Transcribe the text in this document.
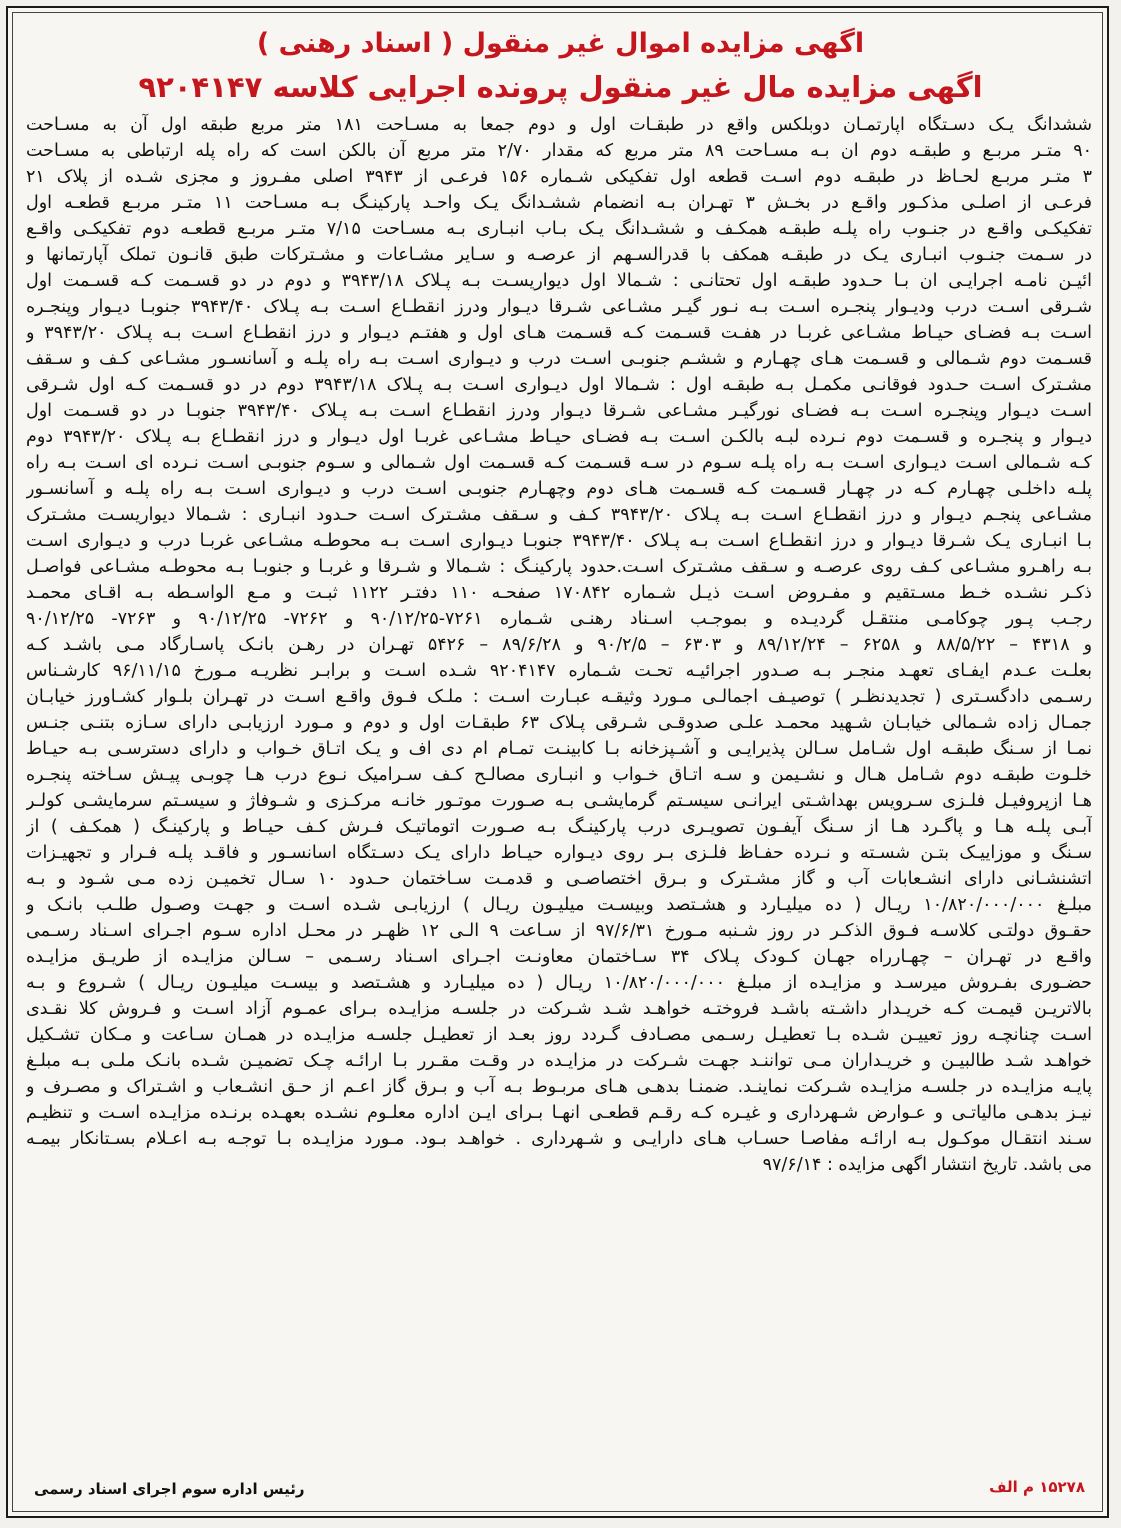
اگهی مزایده اموال غیر منقول ( اسناد رهنی )
اگهی مزایده مال غیر منقول پرونده اجرایی کلاسه ۹۲۰۴۱۴۷
ششدانگ یـک دسـتگاه اپارتمـان دوبلکس واقع در طبقـات اول و دوم جمعا به مسـاحت ۱۸۱ متر مربع طبقه اول آن به مسـاحت
۹۰ متـر مربـع و طبقـه دوم ان بـه مسـاحت ۸۹ متر مربع که مقدار ۲/۷۰ متر مربع آن بالکن است که راه پله ارتباطی به مسـاحت
۳ متـر مربـع لحـاظ در طبقـه دوم اسـت قطعه اول تفکیکی شـماره ۱۵۶ فرعـی از ۳۹۴۳ اصلی مفـروز و مجزی شـده از پلاک ۲۱
فرعـی از اصلـی مذکـور واقـع در بخـش ۳ تهـران بـه انضمام ششـدانگ یـک واحـد پارکینـگ بـه مسـاحت ۱۱ متـر مربـع قطعـه اول
تفکیکـی واقـع در جنـوب راه پلـه طبقـه همکـف و ششـدانگ یـک بـاب انبـاری بـه مسـاحت ۷/۱۵ متـر مربـع قطعـه دوم تفکیکـی واقـع
در سـمت جنـوب انبـاری یـک در طبقـه همکف با قدرالسـهم از عرصـه و سـایر مشـاعات و مشـترکات طبق قانـون تملک آپارتمانها و
ائیـن نامـه اجرایـی ان بـا حـدود طبقـه اول تحتانـی : شـمالا اول دیواریسـت بـه پـلاک ۳۹۴۳/۱۸ و دوم در دو قسـمت کـه قسـمت اول
شـرقی اسـت درب ودیـوار پنجـره اسـت بـه نـور گیـر مشـاعی شـرقا دیـوار ودرز انقطـاع اسـت بـه پـلاک ۳۹۴۳/۴۰ جنوبـا دیـوار وپنجـره
اسـت بـه فضـای حیـاط مشـاعی غربـا در هفـت قسـمت کـه قسـمت هـای اول و هفتـم دیـوار و درز انقطـاع اسـت بـه پـلاک ۳۹۴۳/۲۰ و
قسـمت دوم شـمالی و قسـمت هـای چهـارم و ششـم جنوبـی اسـت درب و دیـواری اسـت بـه راه پلـه و آسانسـور مشـاعی کـف و سـقف
مشـترک اسـت حـدود فوقانـی مکمـل بـه طبقـه اول : شـمالا اول دیـواری اسـت بـه پـلاک ۳۹۴۳/۱۸ دوم در دو قسـمت کـه اول شـرقی
اسـت دیـوار وپنجـره اسـت بـه فضـای نورگیـر مشـاعی شـرقا دیـوار ودرز انقطـاع اسـت بـه پـلاک ۳۹۴۳/۴۰ جنوبـا در دو قسـمت اول
دیـوار و پنجـره و قسـمت دوم نـرده لبـه بالکـن اسـت بـه فضـای حیـاط مشـاعی غربـا اول دیـوار و درز انقطـاع بـه پـلاک ۳۹۴۳/۲۰ دوم
کـه شـمالی اسـت دیـواری اسـت بـه راه پلـه سـوم در سـه قسـمت کـه قسـمت اول شـمالی و سـوم جنوبـی اسـت نـرده ای اسـت بـه راه
پلـه داخلـی چهـارم کـه در چهـار قسـمت کـه قسـمت هـای دوم وچهـارم جنوبـی اسـت درب و دیـواری اسـت بـه راه پلـه و آسانسـور
مشـاعی پنجـم دیـوار و درز انقطـاع اسـت بـه پـلاک ۳۹۴۳/۲۰ کـف و سـقف مشـترک اسـت حـدود انبـاری : شـمالا دیواریسـت مشـترک
بـا انبـاری یـک شـرقا دیـوار و درز انقطـاع اسـت بـه پـلاک ۳۹۴۳/۴۰ جنوبـا دیـواری اسـت بـه محوطـه مشـاعی غربـا درب و دیـواری اسـت
بـه راهـرو مشـاعی کـف روی عرصـه و سـقف مشـترک اسـت.حدود پارکینـگ : شـمالا و شـرقا و غربـا و جنوبـا بـه محوطـه مشـاعی فواصـل
ذکـر نشـده خـط مسـتقیم و مفـروض اسـت ذیـل شـماره ۱۷۰۸۴۲ صفحـه ۱۱۰ دفتـر ۱۱۲۲ ثبـت و مـع الواسـطه بـه اقـای محمـد
رجـب پـور چوکامـی منتقـل گردیـده و بموجـب اسـناد رهنـی شـماره ۷۲۶۱-۹۰/۱۲/۲۵ و ۷۲۶۲- ۹۰/۱۲/۲۵ و ۷۲۶۳- ۹۰/۱۲/۲۵
و ۴۳۱۸ – ۸۸/۵/۲۲ و ۶۲۵۸ – ۸۹/۱۲/۲۴ و ۶۳۰۳ – ۹۰/۲/۵ و ۸۹/۶/۲۸ – ۵۴۲۶ تهـران در رهـن بانـک پاسـارگاد مـی باشـد کـه
بعلـت عـدم ایفـای تعهـد منجـر بـه صـدور اجرائیـه تحـت شـماره ۹۲۰۴۱۴۷ شـده اسـت و برابـر نظریـه مـورخ ۹۶/۱۱/۱۵ کارشـناس
رسـمی دادگسـتری ( تجدیدنظـر ) توصیـف اجمالـی مـورد وثیقـه عبـارت اسـت : ملـک فـوق واقـع اسـت در تهـران بلـوار کشـاورز خیابـان
جمـال زاده شـمالی خیابـان شـهید محمـد علـی صدوقـی شـرقی پـلاک ۶۳ طبقـات اول و دوم و مـورد ارزیابـی دارای سـازه بتنـی جنـس
نمـا از سـنگ طبقـه اول شـامل سـالن پذیرایـی و آشـپزخانه بـا کابینـت تمـام ام دی اف و یـک اتـاق خـواب و دارای دسترسـی بـه حیـاط
خلـوت طبقـه دوم شـامل هـال و نشـیمن و سـه اتـاق خـواب و انبـاری مصالـح کـف سـرامیک نـوع درب هـا چوبـی پیـش سـاخته پنجـره
هـا ازپروفیـل فلـزی سـرویس بهداشـتی ایرانـی سیسـتم گرمایشـی بـه صـورت موتـور خانـه مرکـزی و شـوفاژ و سیسـتم سرمایشـی کولـر
آبـی پلـه هـا و پاگـرد هـا از سـنگ آیفـون تصویـری درب پارکینـگ بـه صـورت اتوماتیـک فـرش کـف حیـاط و پارکینـگ ( همکـف ) از
سـنگ و موزاییـک بتـن شسـته و نـرده حفـاظ فلـزی بـر روی دیـواره حیـاط دارای یـک دسـتگاه اسانسـور و فاقـد پلـه فـرار و تجهیـزات
اتشنشـانی دارای انشـعابات آب و گاز مشـترک و بـرق اختصاصـی و قدمـت سـاختمان حـدود ۱۰ سـال تخمیـن زده مـی شـود و بـه
مبلـغ ۱۰/۸۲۰/۰۰۰/۰۰۰ ریـال ( ده میلیـارد و هشـتصد وبیسـت میلیـون ریـال ) ارزیابـی شـده اسـت و جهـت وصـول طلـب بانـک و
حقـوق دولتـی کلاسـه فـوق الذکـر در روز شـنبه مـورخ ۹۷/۶/۳۱ از سـاعت ۹ الـی ۱۲ ظهـر در محـل اداره سـوم اجـرای اسـناد رسـمی
واقـع در تهـران – چهـارراه جهـان کـودک پـلاک ۳۴ سـاختمان معاونـت اجـرای اسـناد رسـمی – سـالن مزایـده از طریـق مزایـده
حضـوری بفـروش میرسـد و مزایـده از مبلـغ ۱۰/۸۲۰/۰۰۰/۰۰۰ ریـال ( ده میلیـارد و هشـتصد و بیسـت میلیـون ریـال ) شـروع و بـه
بالاتریـن قیمـت کـه خریـدار داشـته باشـد فروختـه خواهـد شـد شـرکت در جلسـه مزایـده بـرای عمـوم آزاد اسـت و فـروش کلا نقـدی
اسـت چنانچـه روز تعییـن شـده بـا تعطیـل رسـمی مصـادف گـردد روز بعـد از تعطیـل جلسـه مزایـده در همـان سـاعت و مـکان تشـکیل
خواهـد شـد طالبیـن و خریـداران مـی تواننـد جهـت شـرکت در مزایـده در وقـت مقـرر بـا ارائـه چـک تضمیـن شـده بانـک ملـی بـه مبلـغ
پایـه مزایـده در جلسـه مزایـده شـرکت نماینـد. ضمنـا بدهـی هـای مربـوط بـه آب و بـرق گاز اعـم از حـق انشـعاب و اشـتراک و مصـرف و
نیـز بدهـی مالیاتـی و عـوارض شـهرداری و غیـره کـه رقـم قطعـی انهـا بـرای ایـن اداره معلـوم نشـده بعهـده برنـده مزایـده اسـت و تنظیـم
سـند انتقـال موکـول بـه ارائـه مفاصـا حسـاب هـای دارایـی و شـهرداری . خواهـد بـود. مـورد مزایـده بـا توجـه بـه اعـلام بسـتانکار بیمـه
می باشد. تاریخ انتشار اگهی مزایده : ۹۷/۶/۱۴
۱۵۲۷۸ م الف
رئیس اداره سوم اجرای اسناد رسمی
